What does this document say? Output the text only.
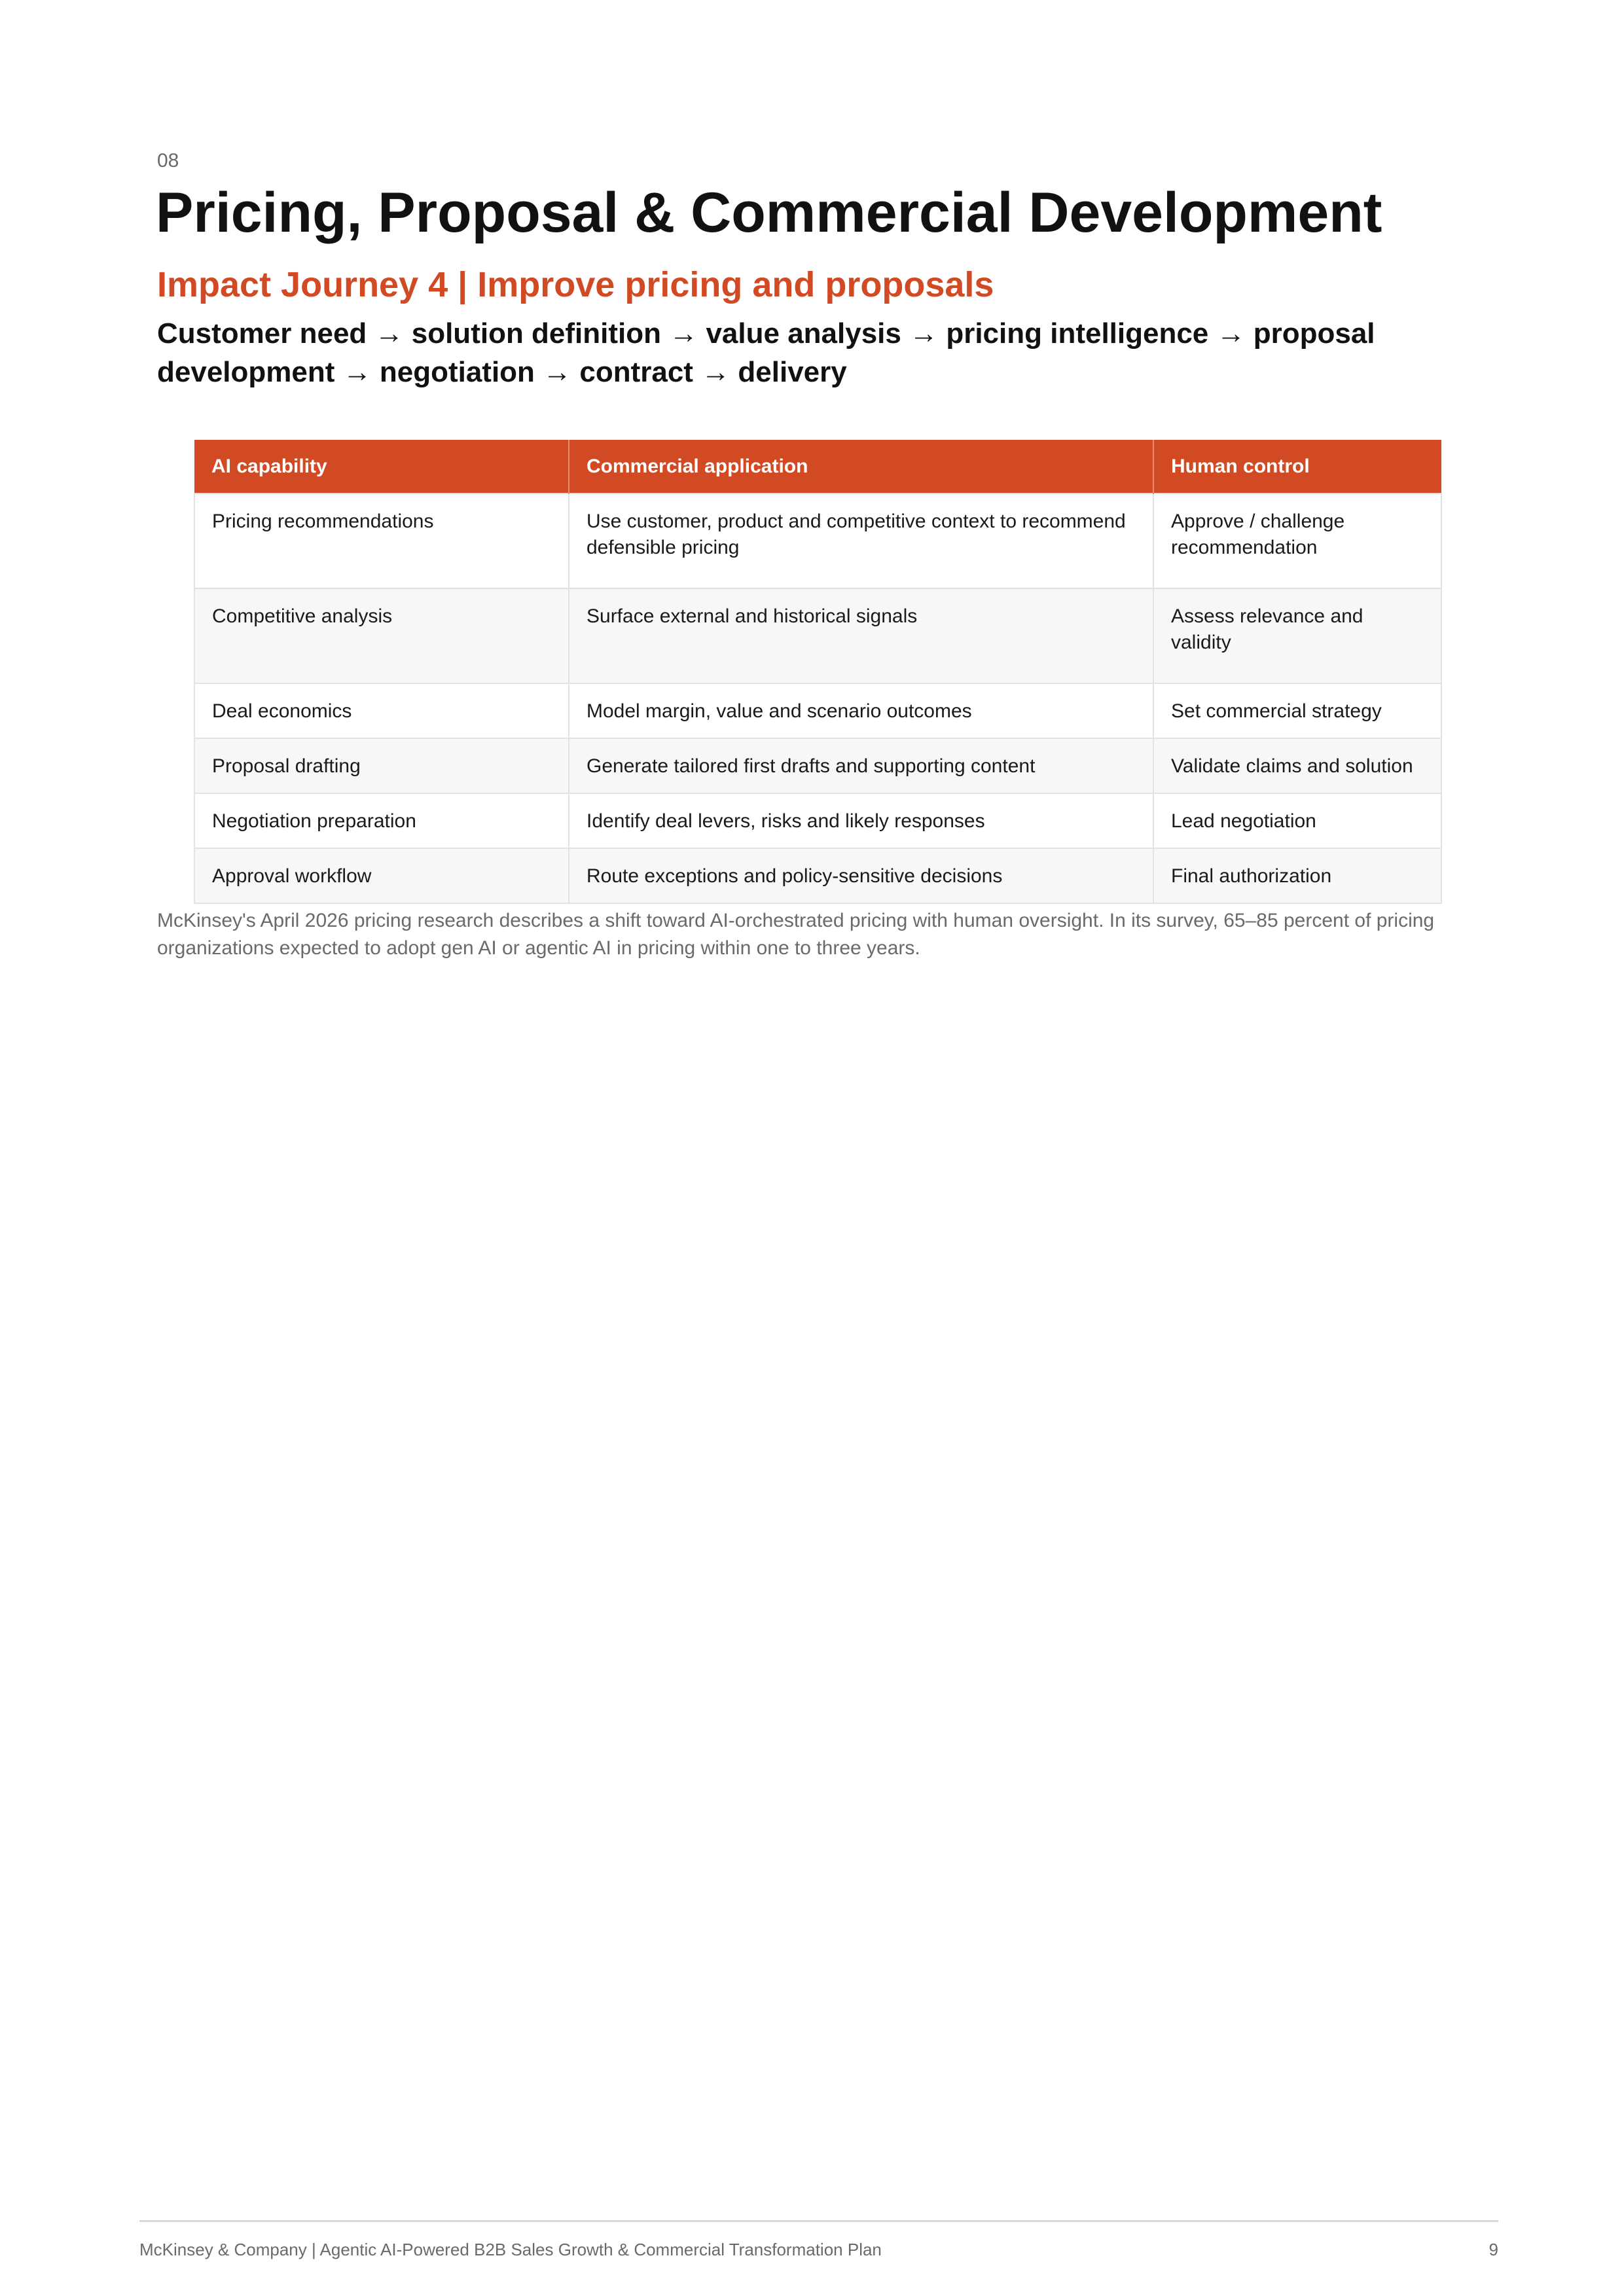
08
Pricing, Proposal & Commercial Development
Impact Journey 4 | Improve pricing and proposals
Customer need → solution definition → value analysis → pricing intelligence → proposal development → negotiation → contract → delivery
AI capability	Commercial application	Human control
Pricing recommendations	Use customer, product and competitive context to recommend defensible pricing	Approve / challenge recommendation
Competitive analysis	Surface external and historical signals	Assess relevance and validity
Deal economics	Model margin, value and scenario outcomes	Set commercial strategy
Proposal drafting	Generate tailored first drafts and supporting content	Validate claims and solution
Negotiation preparation	Identify deal levers, risks and likely responses	Lead negotiation
Approval workflow	Route exceptions and policy-sensitive decisions	Final authorization
McKinsey's April 2026 pricing research describes a shift toward AI-orchestrated pricing with human oversight. In its survey, 65–85 percent of pricing organizations expected to adopt gen AI or agentic AI in pricing within one to three years.
McKinsey & Company | Agentic AI-Powered B2B Sales Growth & Commercial Transformation Plan	9
